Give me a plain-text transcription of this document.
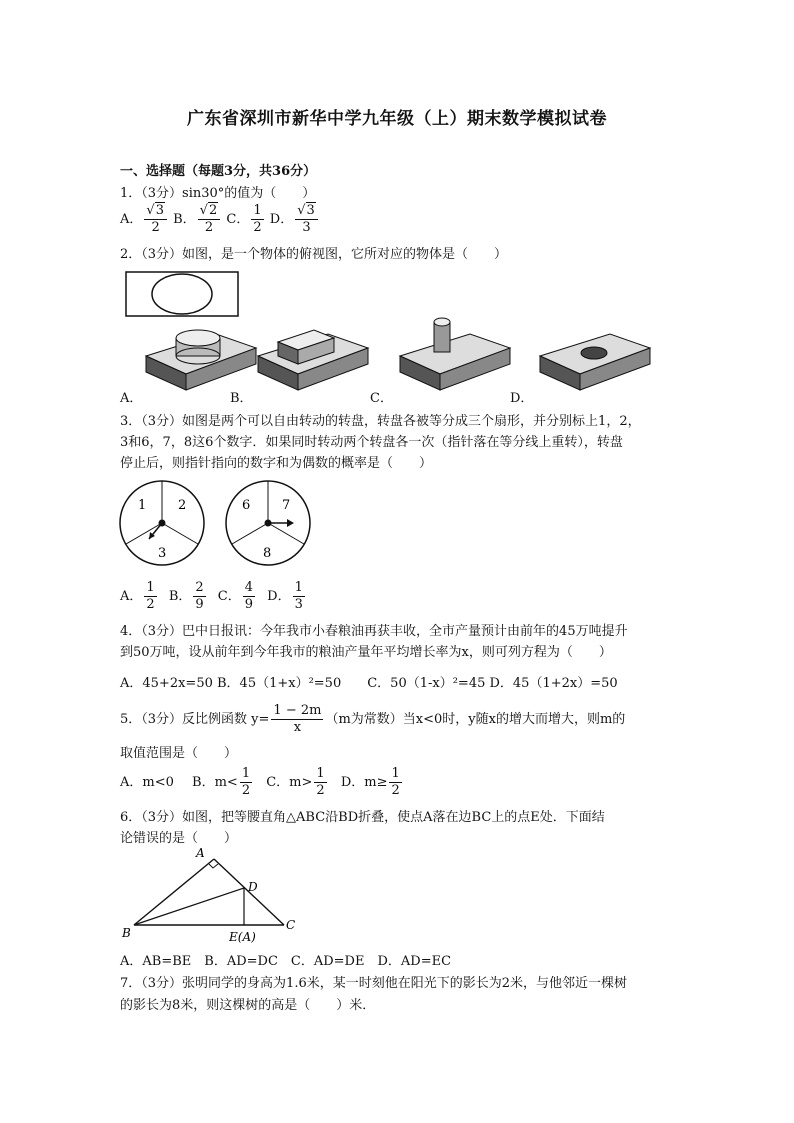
广东省深圳市新华中学九年级（上）期末数学模拟试卷
一、选择题（每题3分，共36分）
1．（3分）sin30°的值为（　　）
A． $\frac{√3}{2}$ B． $\frac{√2}{2}$ C． $\frac{1}{2}$ D． $\frac{√3}{3}$
2．（3分）如图，是一个物体的俯视图，它所对应的物体是（　　）
A．	B．	C．	D．
3．（3分）如图是两个可以自由转动的转盘，转盘各被等分成三个扇形，并分别标上1，2，
3和6，7，8这6个数字．如果同时转动两个转盘各一次（指针落在等分线上重转），转盘
停止后，则指针指向的数字和为偶数的概率是（　　）
1 2
3
6 7
8
A． $\frac{1}{2}$ B． $\frac{2}{9}$ C． $\frac{4}{9}$ D． $\frac{1}{3}$
4．（3分）巴中日报讯：今年我市小春粮油再获丰收，全市产量预计由前年的45万吨提升
到50万吨，设从前年到今年我市的粮油产量年平均增长率为x，则可列方程为（　　）
A．45+2x=50 B．45（1+x）²=50　　C．50（1-x）²=45 D．45（1+2x）=50
5．（3分）反比例函数 $y= \frac{1 - 2m}{x} (m$为常数）当x<0时，y随x的增大而增大，则m的
取值范围是（　　）
A．m<0 B．$m< \frac{1}{2}$ C．$m> \frac{1}{2}$ D．$m\ge \frac{1}{2}$
6．（3分）如图，把等腰直角△ABC沿BD折叠，使点A落在边BC上的点E处．下面结
论错误的是（　　）
A
B
C
D
E(A)
A．AB=BE　B．AD=DC　C．AD=DE　D．AD=EC
7．（3分）张明同学的身高为1.6米，某一时刻他在阳光下的影长为2米，与他邻近一棵树
的影长为8米，则这棵树的高是（　　）米．
